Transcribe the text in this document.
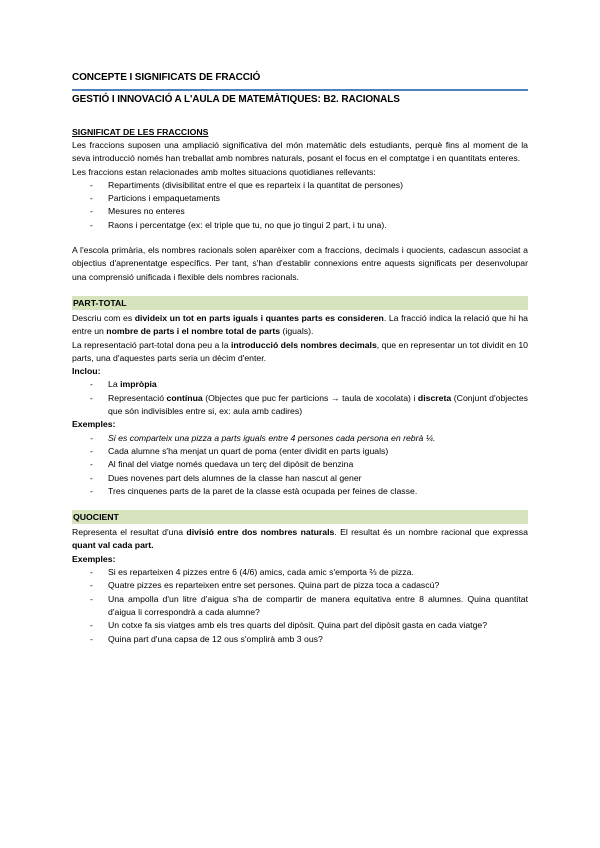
CONCEPTE I SIGNIFICATS DE FRACCIÓ
GESTIÓ I INNOVACIÓ A L'AULA DE MATEMÀTIQUES: B2. RACIONALS
SIGNIFICAT DE LES FRACCIONS

Les fraccions suposen una ampliació significativa del món matemàtic dels estudiants, perquè fins al moment de la seva introducció només han treballat amb nombres naturals, posant el focus en el comptatge i en quantitats enteres.

Les fraccions estan relacionades amb moltes situacions quotidianes rellevants:

- Repartiments (divisibilitat entre el que es reparteix i la quantitat de persones)
- Particions i empaquetaments
- Mesures no enteres
- Raons i percentatge (ex: el triple que tu, no que jo tingui 2 part, i tu una).

A l'escola primària, els nombres racionals solen aparèixer com a fraccions, decimals i quocients, cadascun associat a objectius d'aprenentatge específics. Per tant, s'han d'establir connexions entre aquests significats per desenvolupar una comprensió unificada i flexible dels nombres racionals.

PART-TOTAL

Descriu com es divideix un tot en parts iguals i quantes parts es consideren. La fracció indica la relació que hi ha entre un nombre de parts i el nombre total de parts (iguals).

La representació part-total dona peu a la introducció dels nombres decimals, que en representar un tot dividit en 10 parts, una d'aquestes parts seria un dècim d'enter.

Inclou:
- La impròpia
- Representació contínua (Objectes que puc fer particions → taula de xocolata) i discreta (Conjunt d'objectes que són indivisibles entre si, ex: aula amb cadires)
Exemples:
- Si es comparteix una pizza a parts iguals entre 4 persones cada persona en rebrà ¼.
- Cada alumne s'ha menjat un quart de poma (enter dividit en parts iguals)
- Al final del viatge només quedava un terç del dipòsit de benzina
- Dues novenes part dels alumnes de la classe han nascut al gener
- Tres cinquenes parts de la paret de la classe està ocupada per feines de classe.
QUOCIENT

Representa el resultat d'una divisió entre dos nombres naturals. El resultat és un nombre racional que expressa quant val cada part.

Exemples:
- Si es reparteixen 4 pizzes entre 6 (4/6) amics, cada amic s'emporta ⅔ de pizza.
- Quatre pizzes es reparteixen entre set persones. Quina part de pizza toca a cadascú?
- Una ampolla d'un litre d'aigua s'ha de compartir de manera equitativa entre 8 alumnes. Quina quantitat d'aigua li correspondrà a cada alumne?
- Un cotxe fa sis viatges amb els tres quarts del dipòsit. Quina part del dipòsit gasta en cada viatge?
- Quina part d'una capsa de 12 ous s'omplirà amb 3 ous?
